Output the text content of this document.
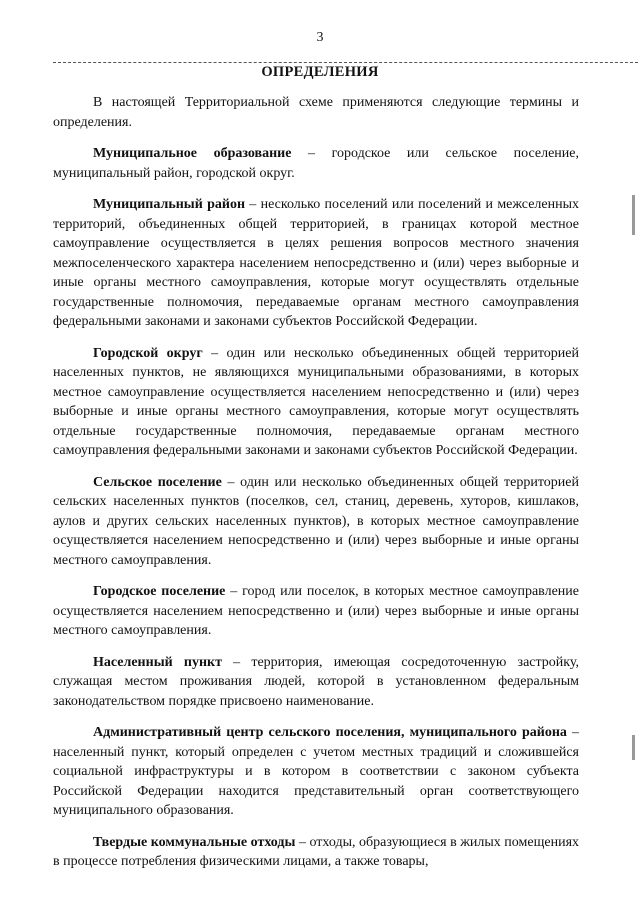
3
ОПРЕДЕЛЕНИЯ

В настоящей Территориальной схеме применяются следующие термины и определения.

Муниципальное образование – городское или сельское поселение, муниципальный район, городской округ.

Муниципальный район – несколько поселений или поселений и межселенных территорий, объединенных общей территорией, в границах которой местное самоуправление осуществляется в целях решения вопросов местного значения межпоселенческого характера населением непосредственно и (или) через выборные и иные органы местного самоуправления, которые могут осуществлять отдельные государственные полномочия, передаваемые органам местного самоуправления федеральными законами и законами субъектов Российской Федерации.

Городской округ – один или несколько объединенных общей территорией населенных пунктов, не являющихся муниципальными образованиями, в которых местное самоуправление осуществляется населением непосредственно и (или) через выборные и иные органы местного самоуправления, которые могут осуществлять отдельные государственные полномочия, передаваемые органам местного самоуправления федеральными законами и законами субъектов Российской Федерации.

Сельское поселение – один или несколько объединенных общей территорией сельских населенных пунктов (поселков, сел, станиц, деревень, хуторов, кишлаков, аулов и других сельских населенных пунктов), в которых местное самоуправление осуществляется населением непосредственно и (или) через выборные и иные органы местного самоуправления.

Городское поселение – город или поселок, в которых местное самоуправление осуществляется населением непосредственно и (или) через выборные и иные органы местного самоуправления.

Населенный пункт – территория, имеющая сосредоточенную застройку, служащая местом проживания людей, которой в установленном федеральным законодательством порядке присвоено наименование.

Административный центр сельского поселения, муниципального района – населенный пункт, который определен с учетом местных традиций и сложившейся социальной инфраструктуры и в котором в соответствии с законом субъекта Российской Федерации находится представительный орган соответствующего муниципального образования.

Твердые коммунальные отходы – отходы, образующиеся в жилых помещениях в процессе потребления физическими лицами, а также товары,
